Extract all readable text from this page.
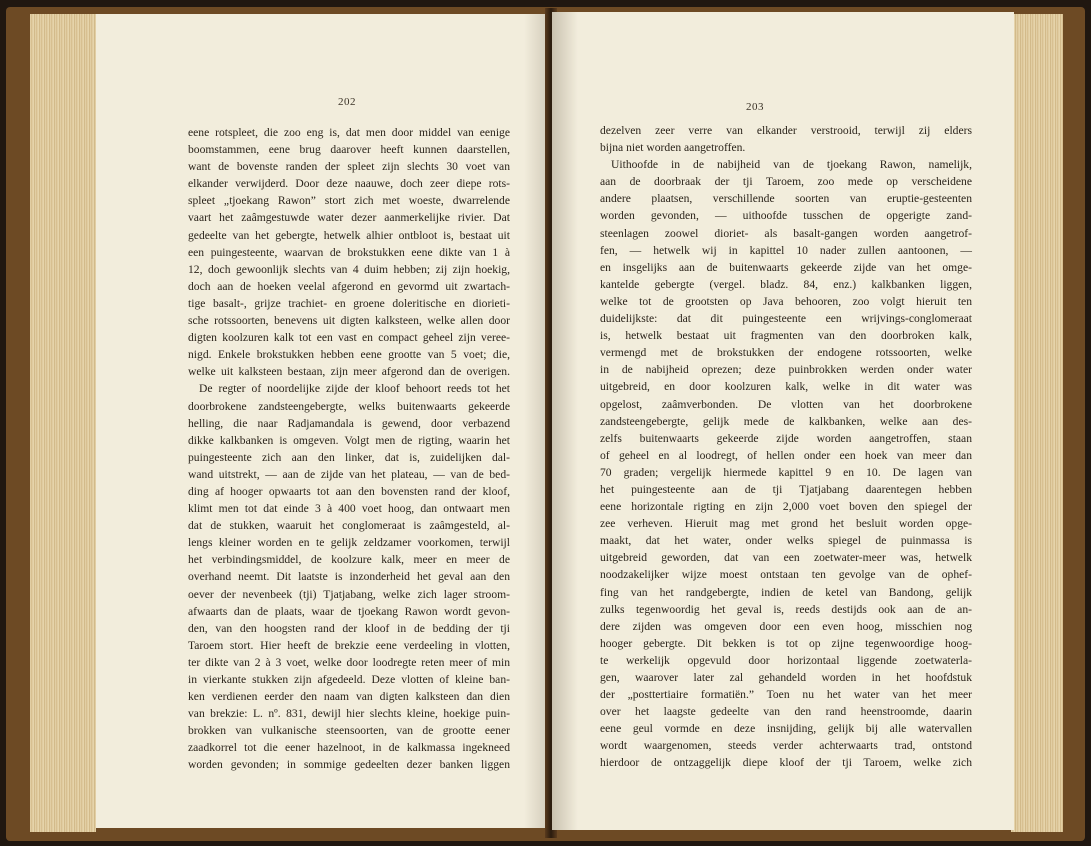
202
eene rotspleet, die zoo eng is, dat men door middel van eenige
boomstammen, eene brug daarover heeft kunnen daarstellen,
want de bovenste randen der spleet zijn slechts 30 voet van
elkander verwijderd. Door deze naauwe, doch zeer diepe rots-
spleet „tjoekang Rawon” stort zich met woeste, dwarrelende
vaart het zaâmgestuwde water dezer aanmerkelijke rivier. Dat
gedeelte van het gebergte, hetwelk alhier ontbloot is, bestaat uit
een puingesteente, waarvan de brokstukken eene dikte van 1 à
12, doch gewoonlijk slechts van 4 duim hebben; zij zijn hoekig,
doch aan de hoeken veelal afgerond en gevormd uit zwartach-
tige basalt-, grijze trachiet- en groene doleritische en diorieti-
sche rotssoorten, benevens uit digten kalksteen, welke allen door
digten koolzuren kalk tot een vast en compact geheel zijn veree-
nigd. Enkele brokstukken hebben eene grootte van 5 voet; die,
welke uit kalksteen bestaan, zijn meer afgerond dan de overigen.
De regter of noordelijke zijde der kloof behoort reeds tot het
doorbrokene zandsteengebergte, welks buitenwaarts gekeerde
helling, die naar Radjamandala is gewend, door verbazend
dikke kalkbanken is omgeven. Volgt men de rigting, waarin het
puingesteente zich aan den linker, dat is, zuidelijken dal-
wand uitstrekt, — aan de zijde van het plateau, — van de bed-
ding af hooger opwaarts tot aan den bovensten rand der kloof,
klimt men tot dat einde 3 à 400 voet hoog, dan ontwaart men
dat de stukken, waaruit het conglomeraat is zaâmgesteld, al-
lengs kleiner worden en te gelijk zeldzamer voorkomen, terwijl
het verbindingsmiddel, de koolzure kalk, meer en meer de
overhand neemt. Dit laatste is inzonderheid het geval aan den
oever der nevenbeek (tji) Tjatjabang, welke zich lager stroom-
afwaarts dan de plaats, waar de tjoekang Rawon wordt gevon-
den, van den hoogsten rand der kloof in de bedding der tji
Taroem stort. Hier heeft de brekzie eene verdeeling in vlotten,
ter dikte van 2 à 3 voet, welke door loodregte reten meer of min
in vierkante stukken zijn afgedeeld. Deze vlotten of kleine ban-
ken verdienen eerder den naam van digten kalksteen dan dien
van brekzie: L. nº. 831, dewijl hier slechts kleine, hoekige puin-
brokken van vulkanische steensoorten, van de grootte eener
zaadkorrel tot die eener hazelnoot, in de kalkmassa ingekneed
worden gevonden; in sommige gedeelten dezer banken liggen
203
dezelven zeer verre van elkander verstrooid, terwijl zij elders
bijna niet worden aangetroffen.
Uithoofde in de nabijheid van de tjoekang Rawon, namelijk,
aan de doorbraak der tji Taroem, zoo mede op verscheidene
andere plaatsen, verschillende soorten van eruptie-gesteenten
worden gevonden, — uithoofde tusschen de opgerigte zand-
steenlagen zoowel dioriet- als basalt-gangen worden aangetrof-
fen, — hetwelk wij in kapittel 10 nader zullen aantoonen, —
en insgelijks aan de buitenwaarts gekeerde zijde van het omge-
kantelde gebergte (vergel. bladz. 84, enz.) kalkbanken liggen,
welke tot de grootsten op Java behooren, zoo volgt hieruit ten
duidelijkste: dat dit puingesteente een wrijvings-conglomeraat
is, hetwelk bestaat uit fragmenten van den doorbroken kalk,
vermengd met de brokstukken der endogene rotssoorten, welke
in de nabijheid oprezen; deze puinbrokken werden onder water
uitgebreid, en door koolzuren kalk, welke in dit water was
opgelost, zaâmverbonden. De vlotten van het doorbrokene
zandsteengebergte, gelijk mede de kalkbanken, welke aan des-
zelfs buitenwaarts gekeerde zijde worden aangetroffen, staan
of geheel en al loodregt, of hellen onder een hoek van meer dan
70 graden; vergelijk hiermede kapittel 9 en 10. De lagen van
het puingesteente aan de tji Tjatjabang daarentegen hebben
eene horizontale rigting en zijn 2,000 voet boven den spiegel der
zee verheven. Hieruit mag met grond het besluit worden opge-
maakt, dat het water, onder welks spiegel de puinmassa is
uitgebreid geworden, dat van een zoetwater-meer was, hetwelk
noodzakelijker wijze moest ontstaan ten gevolge van de ophef-
fing van het randgebergte, indien de ketel van Bandong, gelijk
zulks tegenwoordig het geval is, reeds destijds ook aan de an-
dere zijden was omgeven door een even hoog, misschien nog
hooger gebergte. Dit bekken is tot op zijne tegenwoordige hoog-
te werkelijk opgevuld door horizontaal liggende zoetwaterla-
gen, waarover later zal gehandeld worden in het hoofdstuk
der „posttertiaire formatiën.” Toen nu het water van het meer
over het laagste gedeelte van den rand heenstroomde, daarin
eene geul vormde en deze insnijding, gelijk bij alle watervallen
wordt waargenomen, steeds verder achterwaarts trad, ontstond
hierdoor de ontzaggelijk diepe kloof der tji Taroem, welke zich
